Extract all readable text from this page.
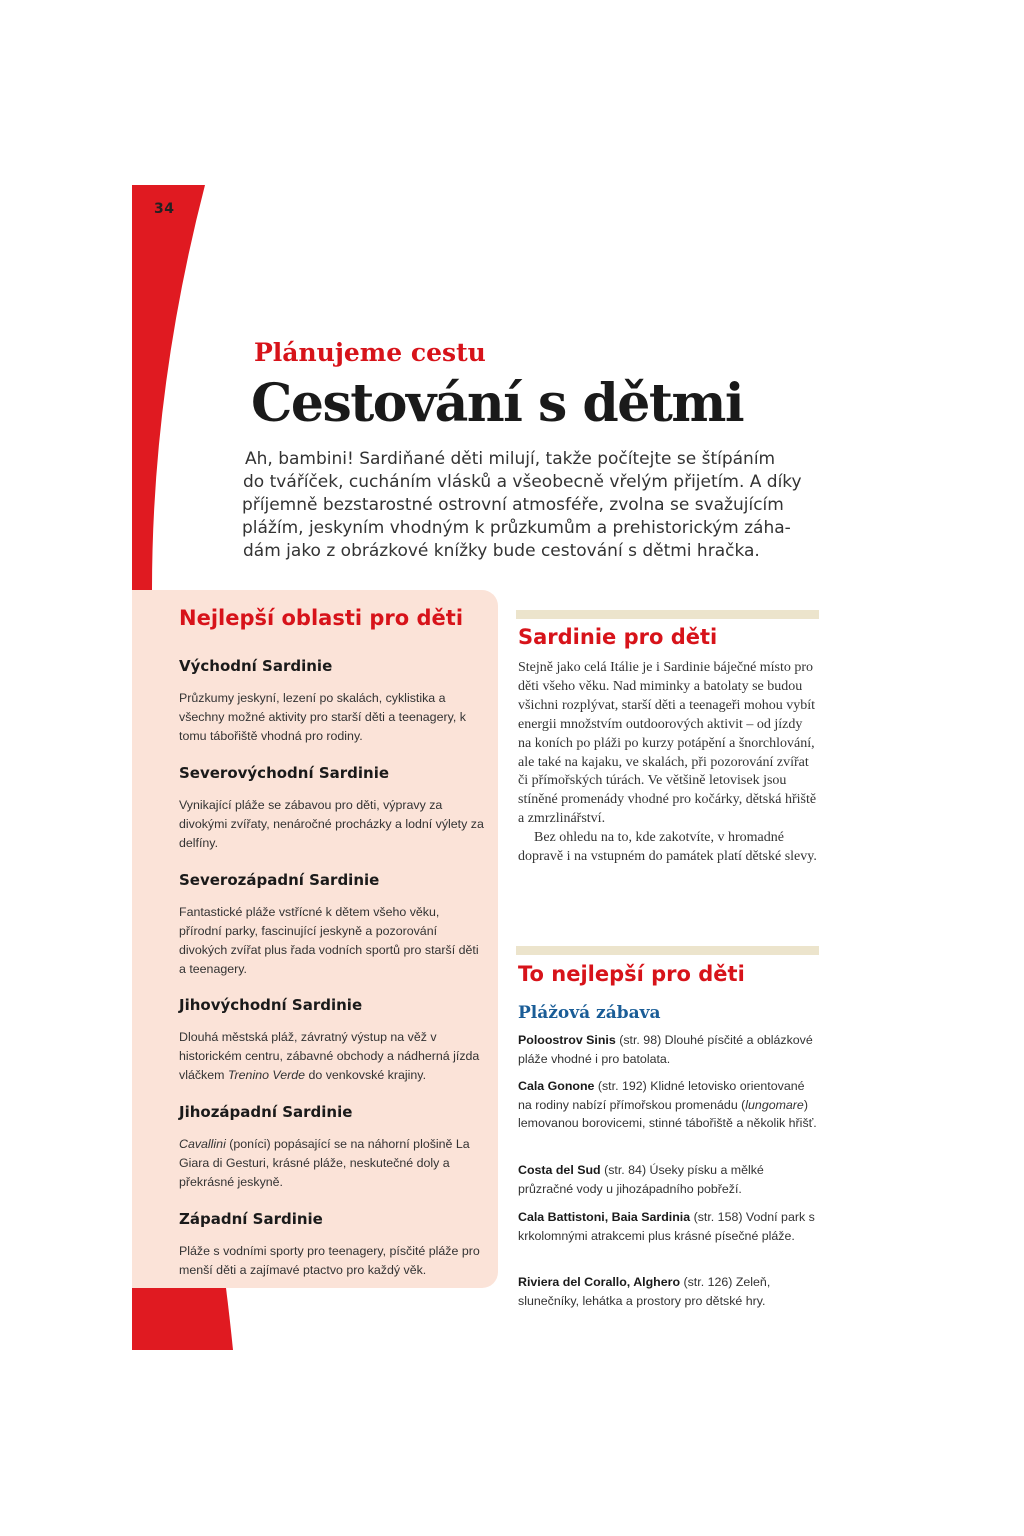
34
Plánujeme cestu
Cestování s dětmi
Ah, bambini! Sardiňané děti milují, takže počítejte se štípáním
do tváříček, cucháním vlásků a všeobecně vřelým přijetím. A díky
příjemně bezstarostné ostrovní atmosféře, zvolna se svažujícím
plážím, jeskyním vhodným k průzkumům a prehistorickým záha-
dám jako z obrázkové knížky bude cestování s dětmi hračka.
Nejlepší oblasti pro děti
Východní Sardinie

Průzkumy jeskyní, lezení po skalách, cyklistika a všechny možné aktivity pro starší děti a teenagery, k tomu tábořiště vhodná pro rodiny.

Severovýchodní Sardinie

Vynikající pláže se zábavou pro děti, výpravy za divokými zvířaty, nenáročné procházky a lodní výlety za delfíny.

Severozápadní Sardinie

Fantastické pláže vstřícné k dětem všeho věku, přírodní parky, fascinující jeskyně a pozorování divokých zvířat plus řada vodních sportů pro starší děti a teenagery.

Jihovýchodní Sardinie

Dlouhá městská pláž, závratný výstup na věž v historickém centru, zábavné obchody a nádherná jízda vláčkem Trenino Verde do venkovské krajiny.

Jihozápadní Sardinie

Cavallini (poníci) popásající se na náhorní plošině La Giara di Gesturi, krásné pláže, neskutečné doly a překrásné jeskyně.

Západní Sardinie

Pláže s vodními sporty pro teenagery, písčité pláže pro menší děti a zajímavé ptactvo pro každý věk.

Sardinie pro děti

Stejně jako celá Itálie je i Sardinie báječné místo pro děti všeho věku. Nad miminky a batolaty se budou všichni rozplývat, starší děti a teenageři mohou vybít energii množstvím outdoorových aktivit – od jízdy na koních po pláži po kurzy potápění a šnorchlování, ale také na kajaku, ve skalách, při pozorování zvířat či přímořských túrách. Ve většině letovisek jsou stíněné promenády vhodné pro kočárky, dětská hřiště a zmrzlinářství.

Bez ohledu na to, kde zakotvíte, v hromadné dopravě i na vstupném do památek platí dětské slevy.

To nejlepší pro děti
Plážová zábava

Poloostrov Sinis (str. 98) Dlouhé písčité a oblázkové pláže vhodné i pro batolata.

Cala Gonone (str. 192) Klidné letovisko orientované na rodiny nabízí přímořskou promenádu (lungomare) lemovanou borovicemi, stinné tábořiště a několik hřišť.

Costa del Sud (str. 84) Úseky písku a mělké průzračné vody u jihozápadního pobřeží.

Cala Battistoni, Baia Sardinia (str. 158) Vodní park s krkolomnými atrakcemi plus krásné písečné pláže.

Riviera del Corallo, Alghero (str. 126) Zeleň, slunečníky, lehátka a prostory pro dětské hry.
